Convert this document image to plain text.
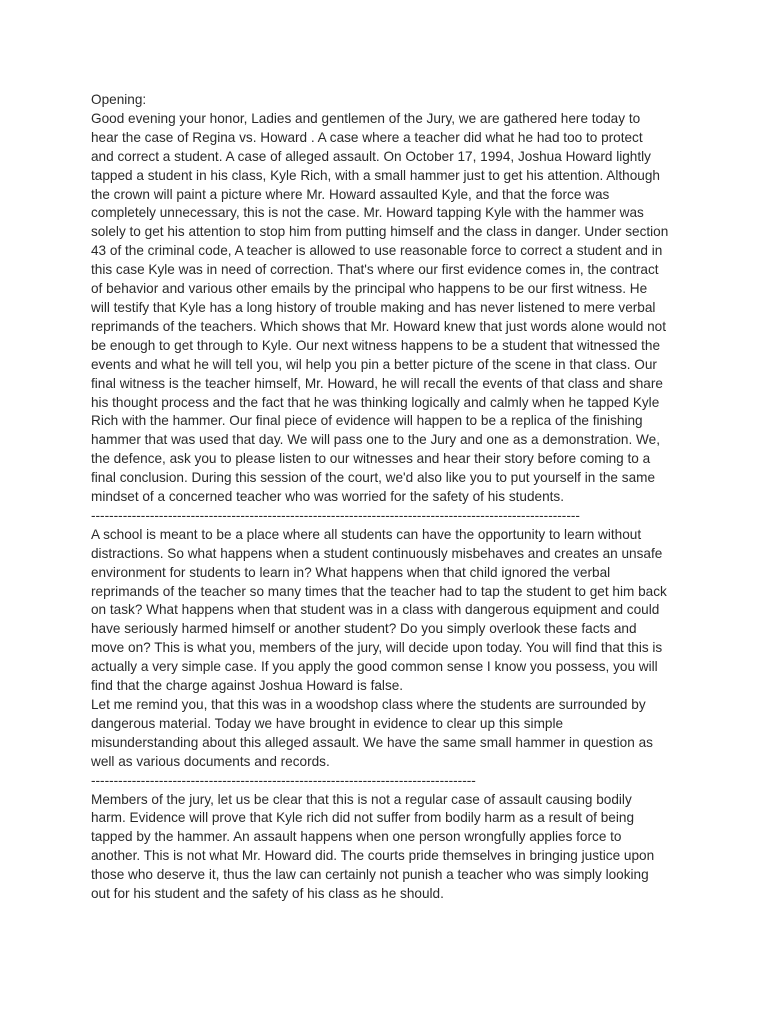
Opening:

Good evening your honor, Ladies and gentlemen of the Jury, we are gathered here today to
hear the case of Regina vs. Howard . A case where a teacher did what he had too to protect
and correct a student. A case of alleged assault. On October 17, 1994, Joshua Howard lightly
tapped a student in his class, Kyle Rich, with a small hammer just to get his attention. Although
the crown will paint a picture where Mr. Howard assaulted Kyle, and that the force was
completely unnecessary, this is not the case. Mr. Howard tapping Kyle with the hammer was
solely to get his attention to stop him from putting himself and the class in danger. Under section
43 of the criminal code, A teacher is allowed to use reasonable force to correct a student and in
this case Kyle was in need of correction. That's where our first evidence comes in, the contract
of behavior and various other emails by the principal who happens to be our first witness. He
will testify that Kyle has a long history of trouble making and has never listened to mere verbal
reprimands of the teachers. Which shows that Mr. Howard knew that just words alone would not
be enough to get through to Kyle. Our next witness happens to be a student that witnessed the
events and what he will tell you, wil help you pin a better picture of the scene in that class. Our
final witness is the teacher himself, Mr. Howard, he will recall the events of that class and share
his thought process and the fact that he was thinking logically and calmly when he tapped Kyle
Rich with the hammer. Our final piece of evidence will happen to be a replica of the finishing
hammer that was used that day. We will pass one to the Jury and one as a demonstration. We,
the defence, ask you to please listen to our witnesses and hear their story before coming to a
final conclusion. During this session of the court, we'd also like you to put yourself in the same
mindset of a concerned teacher who was worried for the safety of his students.

------------------------------------------------------------------------------------------------------------

A school is meant to be a place where all students can have the opportunity to learn without
distractions. So what happens when a student continuously misbehaves and creates an unsafe
environment for students to learn in? What happens when that child ignored the verbal
reprimands of the teacher so many times that the teacher had to tap the student to get him back
on task? What happens when that student was in a class with dangerous equipment and could
have seriously harmed himself or another student? Do you simply overlook these facts and
move on? This is what you, members of the jury, will decide upon today. You will find that this is
actually a very simple case. If you apply the good common sense I know you possess, you will
find that the charge against Joshua Howard is false.

Let me remind you, that this was in a woodshop class where the students are surrounded by
dangerous material. Today we have brought in evidence to clear up this simple
misunderstanding about this alleged assault. We have the same small hammer in question as
well as various documents and records.

-------------------------------------------------------------------------------------

Members of the jury, let us be clear that this is not a regular case of assault causing bodily
harm. Evidence will prove that Kyle rich did not suffer from bodily harm as a result of being
tapped by the hammer. An assault happens when one person wrongfully applies force to
another. This is not what Mr. Howard did. The courts pride themselves in bringing justice upon
those who deserve it, thus the law can certainly not punish a teacher who was simply looking
out for his student and the safety of his class as he should.
